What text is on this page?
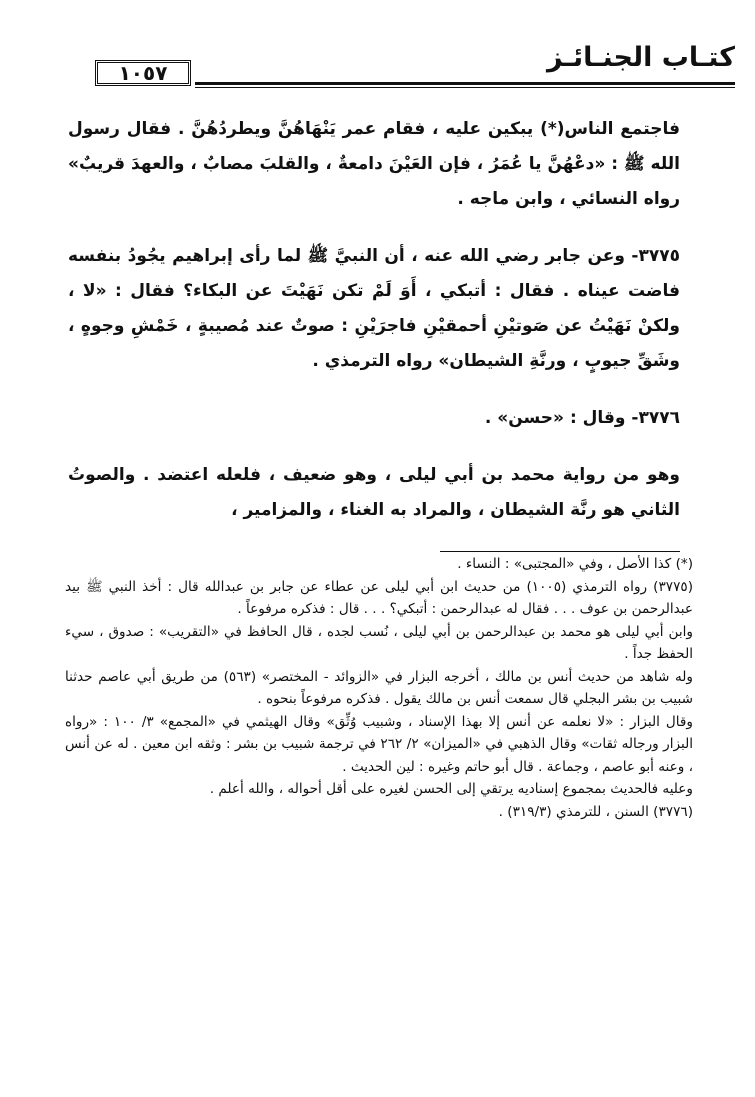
كتـاب الجنـائـز
١٠٥٧

فاجتمع الناس(*) يبكين عليه ، فقام عمر يَنْهَاهُنَّ ويطردُهُنَّ . فقال رسول الله ﷺ : «دعْهُنَّ يا عُمَرُ ، فإن العَيْنَ دامعةٌ ، والقلبَ مصابٌ ، والعهدَ قريبٌ» رواه النسائي ، وابن ماجه .

٣٧٧٥- وعن جابر رضي الله عنه ، أن النبيَّ ﷺ لما رأى إبراهيم يجُودُ بنفسه فاضت عيناه . فقال : أتبكي ، أَوَ لَمْ تكن نَهَيْتَ عن البكاء؟ فقال : «لا ، ولكنْ نَهَيْتُ عن صَوتيْنِ أحمقيْنِ فاجرَيْنِ : صوتٌ عند مُصيبةٍ ، خَمْشِ وجوهٍ ، وشَقِّ جيوبٍ ، ورنَّةِ الشيطان» رواه الترمذي .

٣٧٧٦- وقال : «حسن» .

وهو من رواية محمد بن أبي ليلى ، وهو ضعيف ، فلعله اعتضد . والصوتُ الثاني هو رنَّة الشيطان ، والمراد به الغناء ، والمزامير ،

(*) كذا الأصل ، وفي «المجتبى» : النساء .

(٣٧٧٥) رواه الترمذي (١٠٠٥) من حديث ابن أبي ليلى عن عطاء عن جابر بن عبدالله قال : أخذ النبي ﷺ بيد عبدالرحمن بن عوف . . . فقال له عبدالرحمن : أتبكي؟ . . . قال : فذكره مرفوعاً .

وابن أبي ليلى هو محمد بن عبدالرحمن بن أبي ليلى ، نُسب لجده ، قال الحافظ في «التقريب» : صدوق ، سيء الحفظ جداً .

وله شاهد من حديث أنس بن مالك ، أخرجه البزار في «الزوائد - المختصر» (٥٦٣) من طريق أبي عاصم حدثنا شبيب بن بشر البجلي قال سمعت أنس بن مالك يقول . فذكره مرفوعاً بنحوه .

وقال البزار : «لا نعلمه عن أنس إلا بهذا الإسناد ، وشبيب وُثِّق» وقال الهيثمي في «المجمع» ٣/ ١٠٠ : «رواه البزار ورجاله ثقات» وقال الذهبي في «الميزان» ٢/ ٢٦٢ في ترجمة شبيب بن بشر : وثقه ابن معين . له عن أنس ، وعنه أبو عاصم ، وجماعة . قال أبو حاتم وغيره : لين الحديث .

وعليه فالحديث بمجموع إسناديه يرتقي إلى الحسن لغيره على أقل أحواله ، والله أعلم .

(٣٧٧٦) السنن ، للترمذي (٣١٩/٣) .
